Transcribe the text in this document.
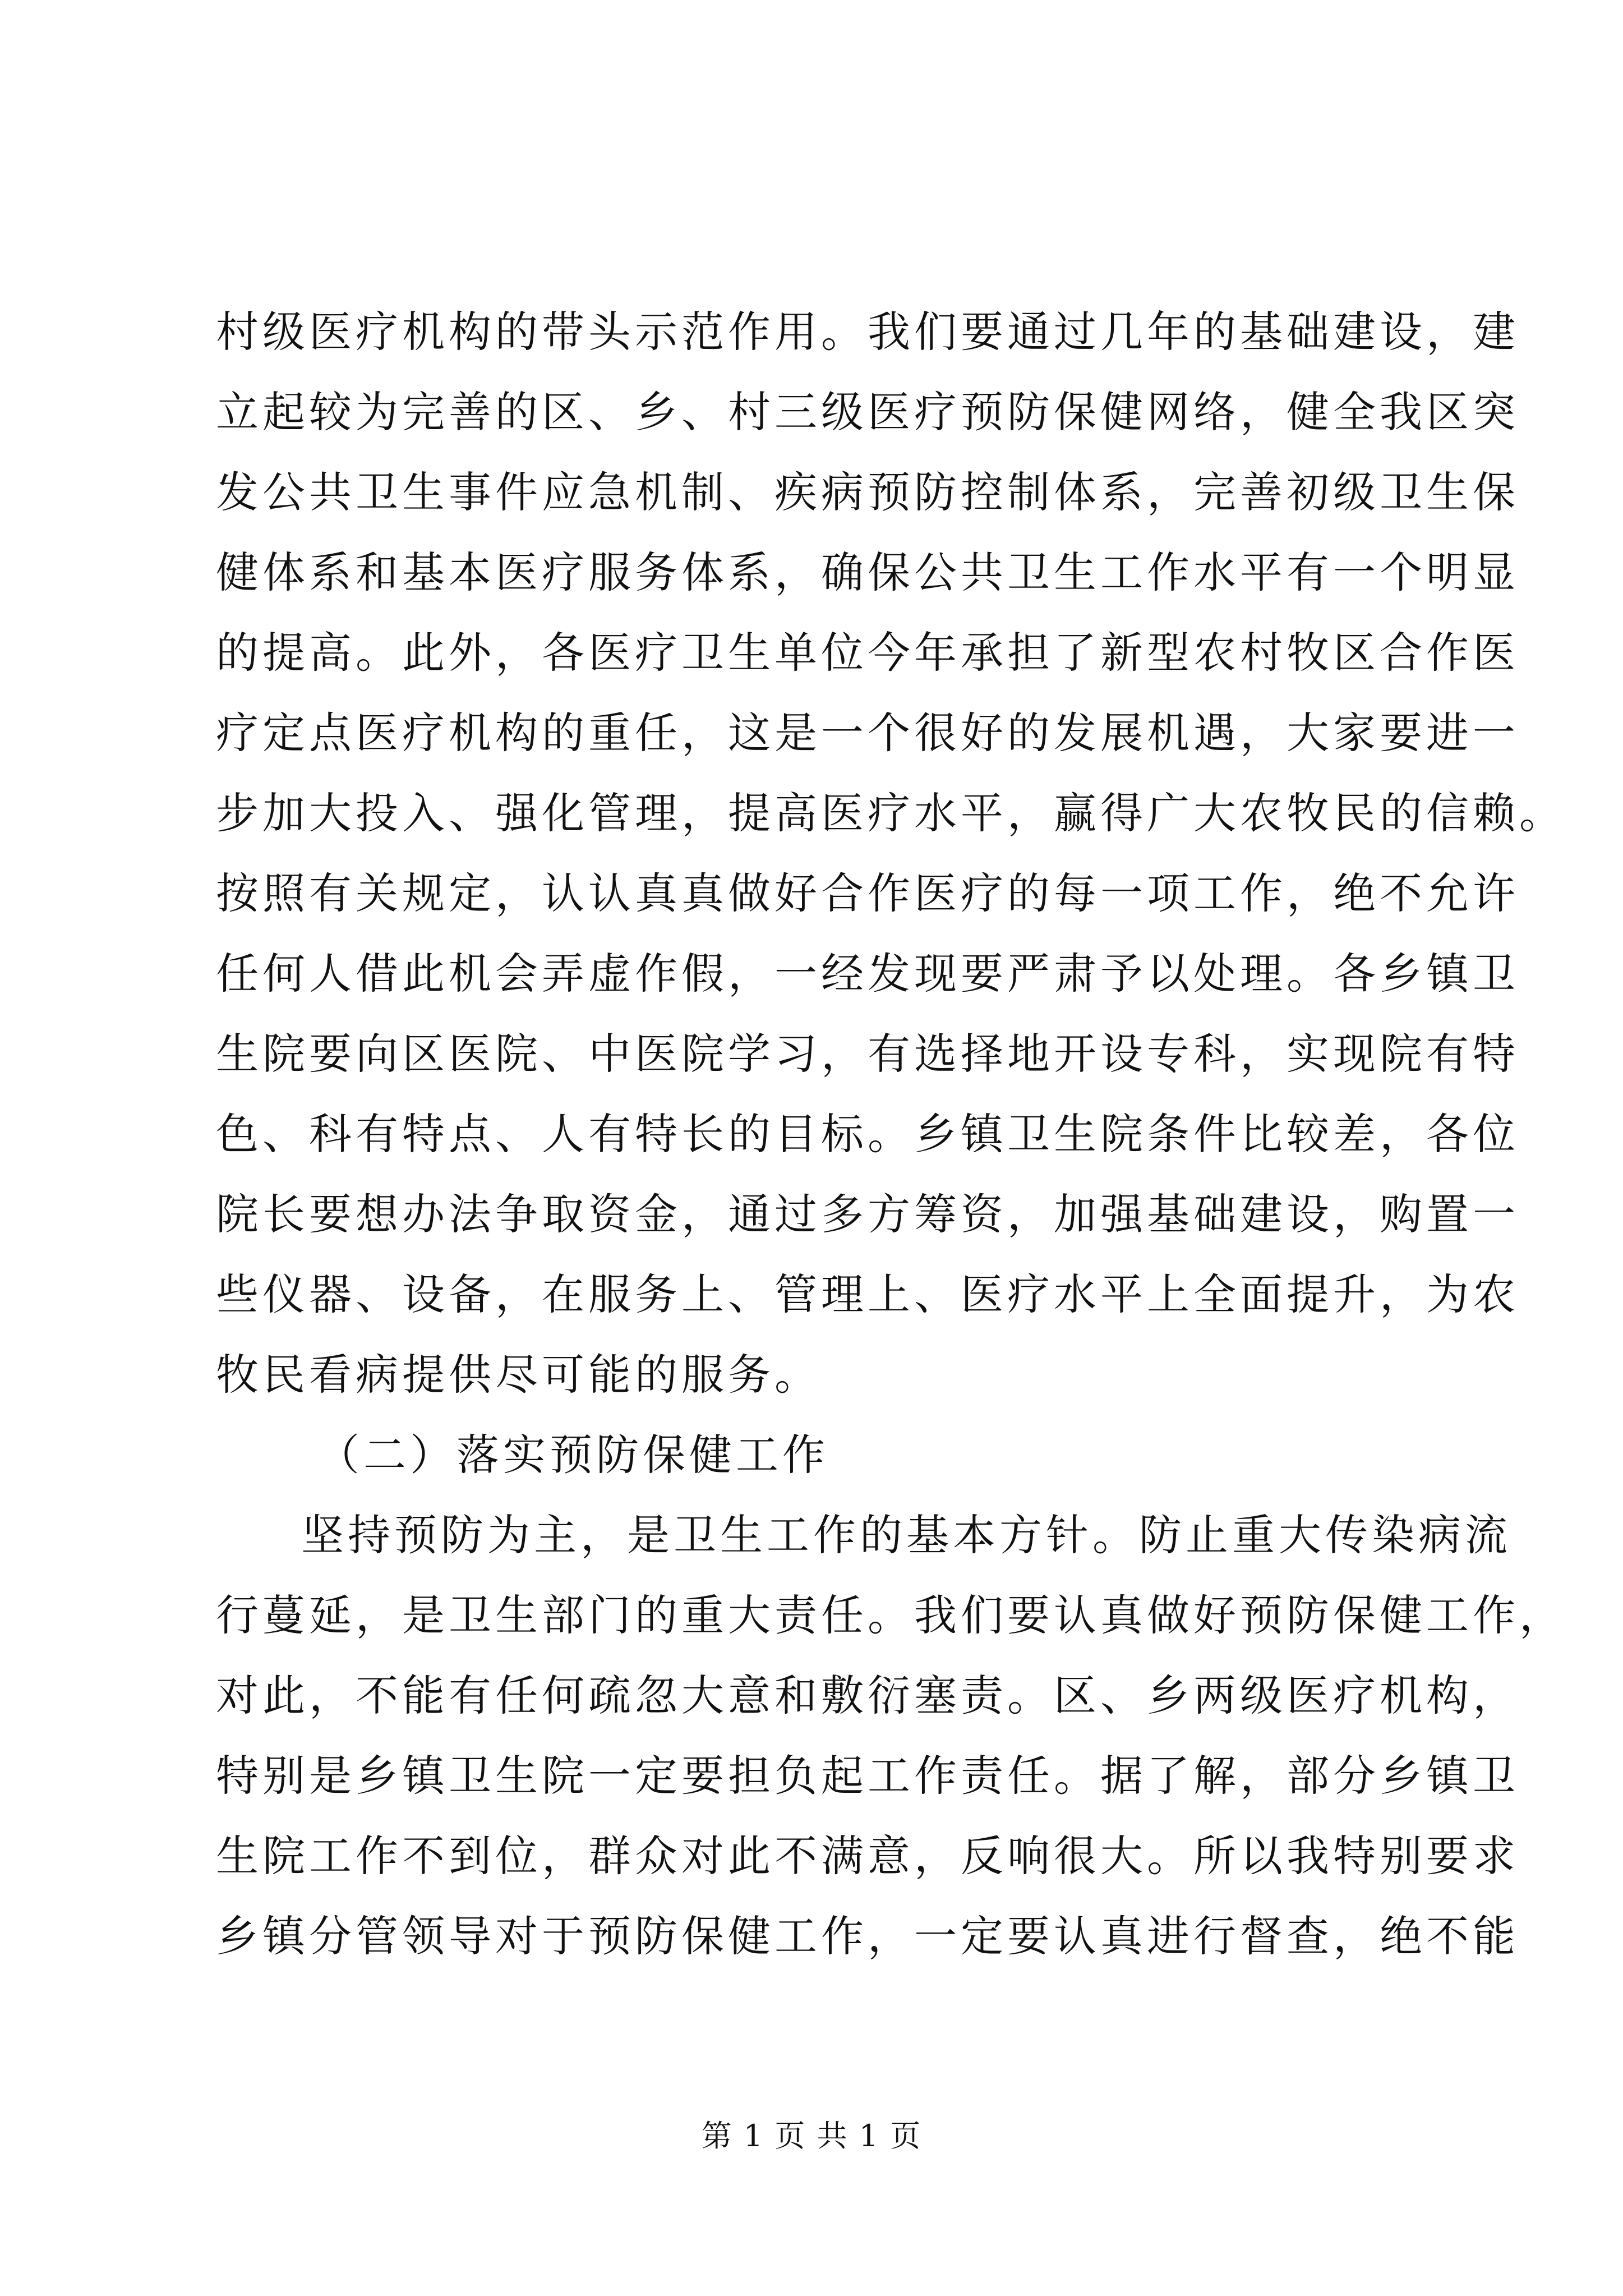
村级医疗机构的带头示范作用。我们要通过几年的基础建设，建
立起较为完善的区、乡、村三级医疗预防保健网络，健全我区突
发公共卫生事件应急机制、疾病预防控制体系，完善初级卫生保
健体系和基本医疗服务体系，确保公共卫生工作水平有一个明显
的提高。此外，各医疗卫生单位今年承担了新型农村牧区合作医
疗定点医疗机构的重任，这是一个很好的发展机遇，大家要进一
步加大投入、强化管理，提高医疗水平，赢得广大农牧民的信赖。
按照有关规定，认认真真做好合作医疗的每一项工作，绝不允许
任何人借此机会弄虚作假，一经发现要严肃予以处理。各乡镇卫
生院要向区医院、中医院学习，有选择地开设专科，实现院有特
色、科有特点、人有特长的目标。乡镇卫生院条件比较差，各位
院长要想办法争取资金，通过多方筹资，加强基础建设，购置一
些仪器、设备，在服务上、管理上、医疗水平上全面提升，为农
牧民看病提供尽可能的服务。
（二）落实预防保健工作
坚持预防为主，是卫生工作的基本方针。防止重大传染病流
行蔓延，是卫生部门的重大责任。我们要认真做好预防保健工作，
对此，不能有任何疏忽大意和敷衍塞责。区、乡两级医疗机构，
特别是乡镇卫生院一定要担负起工作责任。据了解，部分乡镇卫
生院工作不到位，群众对此不满意，反响很大。所以我特别要求
乡镇分管领导对于预防保健工作，一定要认真进行督查，绝不能
第 1 页 共 1 页
